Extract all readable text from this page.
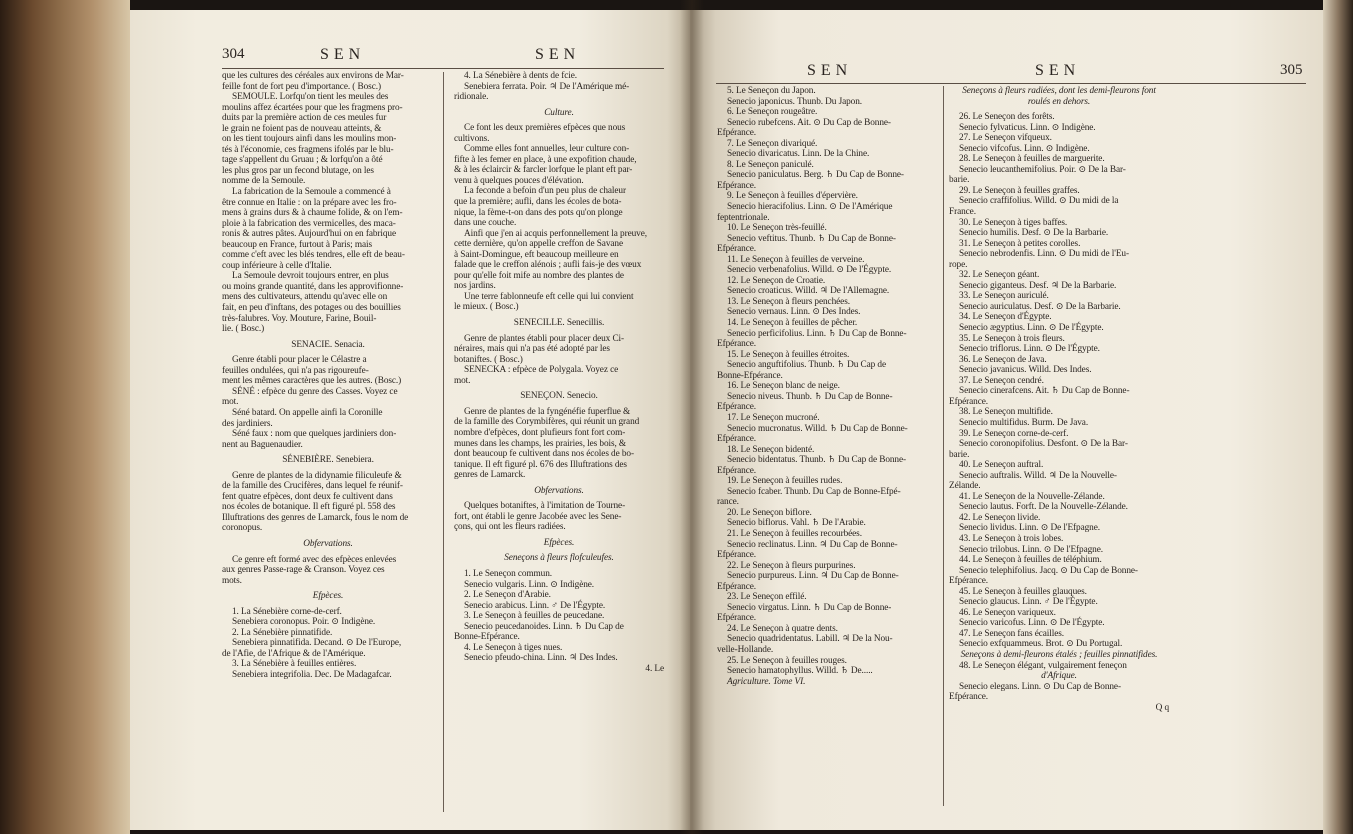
304	SEN	SEN

que les cultures des céréales aux environs de Mar-

feille font de fort peu d'importance. ( Bosc.)

SEMOULE. Lorfqu'on tient les meules des

moulins affez écartées pour que les fragmens pro-

duits par la première action de ces meules fur

le grain ne foient pas de nouveau atteints, &

on les tient toujours ainfi dans les moulins mon-

tés à l'économie, ces fragmens ifolés par le blu-

tage s'appellent du Gruau ; & lorfqu'on a ôté

les plus gros par un fecond blutage, on les

nomme de la Semoule.

La fabrication de la Semoule a commencé à

être connue en Italie : on la prépare avec les fro-

mens à grains durs & à chaume folide, & on l'em-

ploie à la fabrication des vermicelles, des maca-

ronis & autres pâtes. Aujourd'hui on en fabrique

beaucoup en France, furtout à Paris; mais

comme c'eft avec les blés tendres, elle eft de beau-

coup inférieure à celle d'Italie.

La Semoule devroit toujours entrer, en plus

ou moins grande quantité, dans les approvifionne-

mens des cultivateurs, attendu qu'avec elle on

fait, en peu d'inftans, des potages ou des bouillies

très-falubres. Voy. Mouture, Farine, Bouil-

lie. ( Bosc.)

SENACIE. Senacia.

Genre établi pour placer le Célastre a

feuilles ondulées, qui n'a pas rigoureufe-

ment les mêmes caractères que les autres. (Bosc.)

SÉNÉ : efpèce du genre des Casses. Voyez ce

mot.

Séné batard. On appelle ainfi la Coronille

des jardiniers.

Séné faux : nom que quelques jardiniers don-

nent au Baguenaudier.

SÉNEBIÈRE. Senebiera.

Genre de plantes de la didynamie filiculeufe &

de la famille des Crucifères, dans lequel fe réunif-

fent quatre efpèces, dont deux fe cultivent dans

nos écoles de botanique. Il eft figuré pl. 558 des

Illuftrations des genres de Lamarck, fous le nom de

coronopus.

Obfervations.

Ce genre eft formé avec des efpèces enlevées

aux genres Passe-rage & Cranson. Voyez ces

mots.

Efpèces.

1. La Sénebière corne-de-cerf.

Senebiera coronopus. Poir. ⊙ Indigène.

2. La Sénebière pinnatifide.

Senebiera pinnatifida. Decand. ⊙ De l'Europe,

de l'Afie, de l'Afrique & de l'Amérique.

3. La Sénebière à feuilles entières.

Senebiera integrifolia. Dec. De Madagafcar.

4. La Sénebière à dents de fcie.

Senebiera ferrata. Poir. ♃ De l'Amérique mé-

ridionale.

Culture.

Ce font les deux premières efpèces que nous

cultivons.

Comme elles font annuelles, leur culture con-

fifte à les femer en place, à une expofition chaude,

& à les éclaircir & farcler lorfque le plant eft par-

venu à quelques pouces d'élévation.

La feconde a befoin d'un peu plus de chaleur

que la première; aufli, dans les écoles de bota-

nique, la fème-t-on dans des pots qu'on plonge

dans une couche.

Ainfi que j'en ai acquis perfonnellement la preuve,

cette dernière, qu'on appelle creffon de Savane

à Saint-Domingue, eft beaucoup meilleure en

falade que le creffon alénois ; aufli fais-je des vœux

pour qu'elle foit mife au nombre des plantes de

nos jardins.

Une terre fablonneufe eft celle qui lui convient

le mieux. ( Bosc.)

SENECILLE. Senecillis.

Genre de plantes établi pour placer deux Ci-

néraires, mais qui n'a pas été adopté par les

botaniftes. ( Bosc.)

SENECKA : efpèce de Polygala. Voyez ce

mot.

SENEÇON. Senecio.

Genre de plantes de la fyngénéfie fuperflue &

de la famille des Corymbifères, qui réunit un grand

nombre d'efpèces, dont plufieurs font fort com-

munes dans les champs, les prairies, les bois, &

dont beaucoup fe cultivent dans nos écoles de bo-

tanique. Il eft figuré pl. 676 des Illuftrations des

genres de Lamarck.

Obfervations.

Quelques botaniftes, à l'imitation de Tourne-

fort, ont établi le genre Jacobée avec les Sene-

çons, qui ont les fleurs radiées.

Efpèces.

Seneçons à fleurs flofculeufes.

1. Le Seneçon commun.

Senecio vulgaris. Linn. ⊙ Indigène.

2. Le Seneçon d'Arabie.

Senecio arabicus. Linn. ♂ De l'Égypte.

3. Le Seneçon à feuilles de peucedane.

Senecio peucedanoides. Linn. ♄ Du Cap de

Bonne-Efpérance.

4. Le Seneçon à tiges nues.

Senecio pfeudo-china. Linn. ♃ Des Indes.

4. Le

SEN	SEN	305

5. Le Seneçon du Japon.

Senecio japonicus. Thunb. Du Japon.

6. Le Seneçon rougeâtre.

Senecio rubefcens. Ait. ⊙ Du Cap de Bonne-

Efpérance.

7. Le Seneçon divariqué.

Senecio divaricatus. Linn. De la Chine.

8. Le Seneçon paniculé.

Senecio paniculatus. Berg. ♄ Du Cap de Bonne-

Efpérance.

9. Le Seneçon à feuilles d'épervière.

Senecio hieracifolius. Linn. ⊙ De l'Amérique

feptentrionale.

10. Le Seneçon très-feuillé.

Senecio veftitus. Thunb. ♄ Du Cap de Bonne-

Efpérance.

11. Le Seneçon à feuilles de verveine.

Senecio verbenafolius. Willd. ⊙ De l'Égypte.

12. Le Seneçon de Croatie.

Senecio croaticus. Willd. ♃ De l'Allemagne.

13. Le Seneçon à fleurs penchées.

Senecio vernaus. Linn. ⊙ Des Indes.

14. Le Seneçon à feuilles de pêcher.

Senecio perficifolius. Linn. ♄ Du Cap de Bonne-

Efpérance.

15. Le Seneçon à feuilles étroites.

Senecio anguftifolius. Thunb. ♄ Du Cap de

Bonne-Efpérance.

16. Le Seneçon blanc de neige.

Senecio niveus. Thunb. ♄ Du Cap de Bonne-

Efpérance.

17. Le Seneçon mucroné.

Senecio mucronatus. Willd. ♄ Du Cap de Bonne-

Efpérance.

18. Le Seneçon bidenté.

Senecio bidentatus. Thunb. ♄ Du Cap de Bonne-

Efpérance.

19. Le Seneçon à feuilles rudes.

Senecio fcaber. Thunb. Du Cap de Bonne-Efpé-

rance.

20. Le Seneçon biflore.

Senecio biflorus. Vahl. ♄ De l'Arabie.

21. Le Seneçon à feuilles recourbées.

Senecio reclinatus. Linn. ♃ Du Cap de Bonne-

Efpérance.

22. Le Seneçon à fleurs purpurines.

Senecio purpureus. Linn. ♃ Du Cap de Bonne-

Efpérance.

23. Le Seneçon effilé.

Senecio virgatus. Linn. ♄ Du Cap de Bonne-

Efpérance.

24. Le Seneçon à quatre dents.

Senecio quadridentatus. Labill. ♃ De la Nou-

velle-Hollande.

25. Le Seneçon à feuilles rouges.

Senecio hamatophyllus. Willd. ♄ De.....

Agriculture. Tome VI.

Seneçons à fleurs radiées, dont les demi-fleurons font

roulés en dehors.

26. Le Seneçon des forêts.

Senecio fylvaticus. Linn. ⊙ Indigène.

27. Le Seneçon vifqueux.

Senecio vifcofus. Linn. ⊙ Indigène.

28. Le Seneçon à feuilles de marguerite.

Senecio leucanthemifolius. Poir. ⊙ De la Bar-

barie.

29. Le Seneçon à feuilles graffes.

Senecio craffifolius. Willd. ⊙ Du midi de la

France.

30. Le Seneçon à tiges baffes.

Senecio humilis. Desf. ⊙ De la Barbarie.

31. Le Seneçon à petites corolles.

Senecio nebrodenfis. Linn. ⊙ Du midi de l'Eu-

rope.

32. Le Seneçon géant.

Senecio giganteus. Desf. ♃ De la Barbarie.

33. Le Seneçon auriculé.

Senecio auriculatus. Desf. ⊙ De la Barbarie.

34. Le Seneçon d'Égypte.

Senecio ægyptius. Linn. ⊙ De l'Égypte.

35. Le Seneçon à trois fleurs.

Senecio triflorus. Linn. ⊙ De l'Égypte.

36. Le Seneçon de Java.

Senecio javanicus. Willd. Des Indes.

37. Le Seneçon cendré.

Senecio cinerafcens. Ait. ♄ Du Cap de Bonne-

Efpérance.

38. Le Seneçon multifide.

Senecio multifidus. Burm. De Java.

39. Le Seneçon corne-de-cerf.

Senecio coronopifolius. Desfont. ⊙ De la Bar-

barie.

40. Le Seneçon auftral.

Senecio auftralis. Willd. ♃ De la Nouvelle-

Zélande.

41. Le Seneçon de la Nouvelle-Zélande.

Senecio lautus. Forft. De la Nouvelle-Zélande.

42. Le Seneçon livide.

Senecio lividus. Linn. ⊙ De l'Efpagne.

43. Le Seneçon à trois lobes.

Senecio trilobus. Linn. ⊙ De l'Efpagne.

44. Le Seneçon à feuilles de téléphium.

Senecio telephifolius. Jacq. ⊙ Du Cap de Bonne-

Efpérance.

45. Le Seneçon à feuilles glauques.

Senecio glaucus. Linn. ♂ De l'Égypte.

46. Le Seneçon variqueux.

Senecio varicofus. Linn. ⊙ De l'Égypte.

47. Le Seneçon fans écailles.

Senecio exfquammeus. Brot. ⊙ Du Portugal.

Seneçons à demi-fleurons étalés ; feuilles pinnatifides.

48. Le Seneçon élégant, vulgairement feneçon

d'Afrique.

Senecio elegans. Linn. ⊙ Du Cap de Bonne-

Efpérance.

Q q
